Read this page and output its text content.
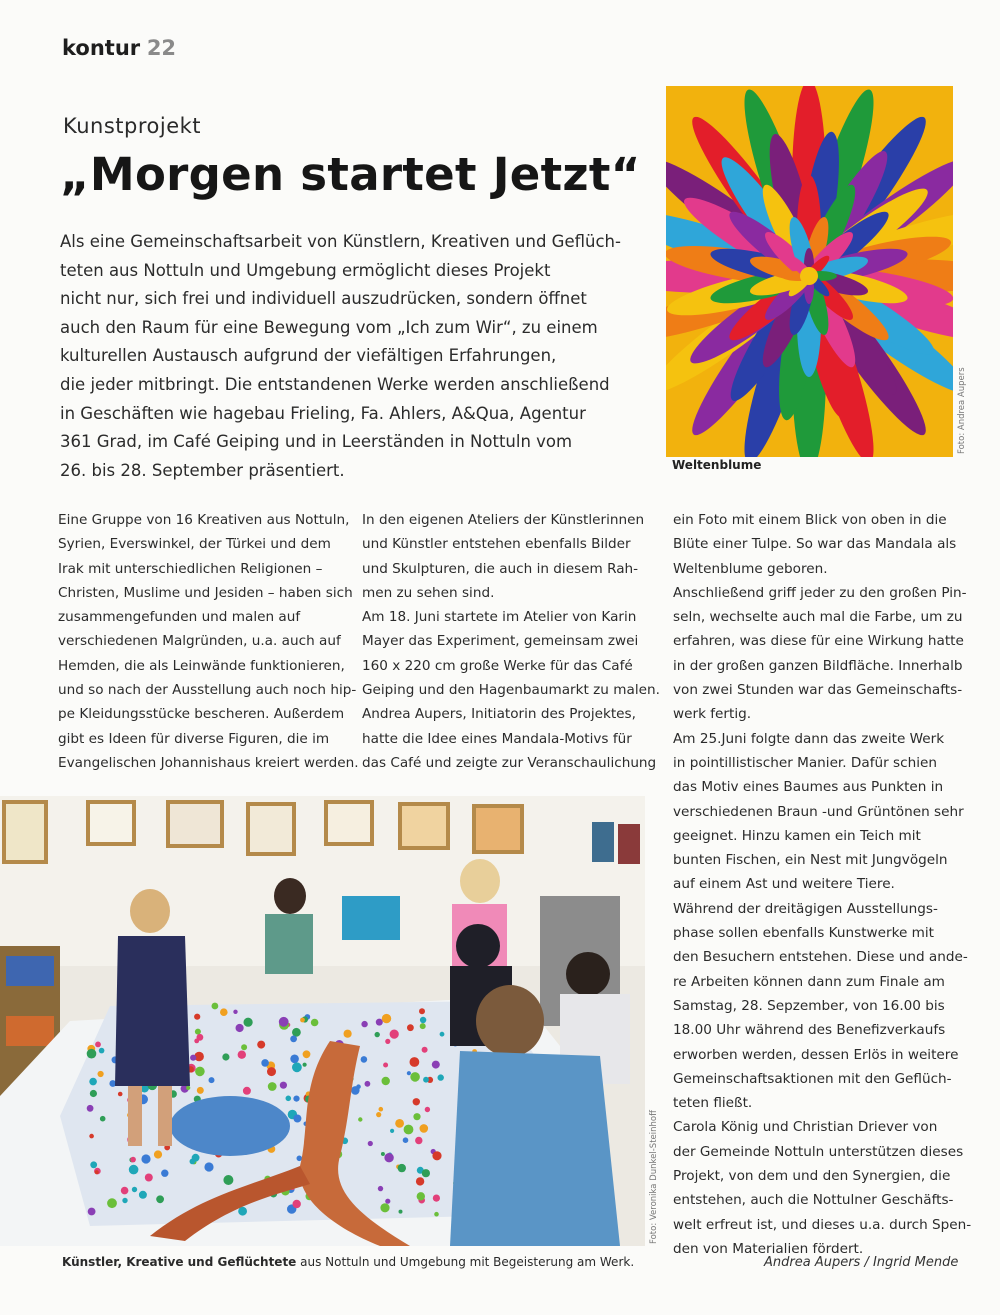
kontur 22
Kunstprojekt
„Morgen startet Jetzt“
Als eine Gemeinschaftsarbeit von Künstlern, Kreativen und Geflüch-
teten aus Nottuln und Umgebung ermöglicht dieses Projekt
nicht nur, sich frei und individuell auszudrücken, sondern öffnet
auch den Raum für eine Bewegung vom „Ich zum Wir“, zu einem
kulturellen Austausch aufgrund der viefältigen Erfahrungen,
die jeder mitbringt. Die entstandenen Werke werden anschließend
in Geschäften wie hagebau Frieling, Fa. Ahlers, A&Qua, Agentur
361 Grad, im Café Geiping und in Leerständen in Nottuln vom
26. bis 28. September präsentiert.
Eine Gruppe von 16 Kreativen aus Nottuln,
Syrien, Everswinkel, der Türkei und dem
Irak mit unterschiedlichen Religionen –
Christen, Muslime und Jesiden – haben sich
zusammengefunden und malen auf
verschiedenen Malgründen, u.a. auch auf
Hemden, die als Leinwände funktionieren,
und so nach der Ausstellung auch noch hip-
pe Kleidungsstücke bescheren. Außerdem
gibt es Ideen für diverse Figuren, die im
Evangelischen Johannishaus kreiert werden.
In den eigenen Ateliers der Künstlerinnen
und Künstler entstehen ebenfalls Bilder
und Skulpturen, die auch in diesem Rah-
men zu sehen sind.
Am 18. Juni startete im Atelier von Karin
Mayer das Experiment, gemeinsam zwei
160 x 220 cm große Werke für das Café
Geiping und den Hagenbaumarkt zu malen.
Andrea Aupers, Initiatorin des Projektes,
hatte die Idee eines Mandala-Motivs für
das Café und zeigte zur Veranschaulichung
ein Foto mit einem Blick von oben in die
Blüte einer Tulpe. So war das Mandala als
Weltenblume geboren.
Anschließend griff jeder zu den großen Pin-
seln, wechselte auch mal die Farbe, um zu
erfahren, was diese für eine Wirkung hatte
in der großen ganzen Bildfläche. Innerhalb
von zwei Stunden war das Gemeinschafts-
werk fertig.
Am 25.Juni folgte dann das zweite Werk
in pointillistischer Manier. Dafür schien
das Motiv eines Baumes aus Punkten in
verschiedenen Braun -und Grüntönen sehr
geeignet. Hinzu kamen ein Teich mit
bunten Fischen, ein Nest mit Jungvögeln
auf einem Ast und weitere Tiere.
Während der dreitägigen Ausstellungs-
phase sollen ebenfalls Kunstwerke mit
den Besuchern entstehen. Diese und ande-
re Arbeiten können dann zum Finale am
Samstag, 28. Sepzember, von 16.00 bis
18.00 Uhr während des Benefizverkaufs
erworben werden, dessen Erlös in weitere
Gemeinschaftsaktionen mit den Geflüch-
teten fließt.
Carola König und Christian Driever von
der Gemeinde Nottuln unterstützen dieses
Projekt, von dem und den Synergien, die
entstehen, auch die Nottulner Geschäfts-
welt erfreut ist, und dieses u.a. durch Spen-
den von Materialien fördert.
Foto: Andrea Aupers
Weltenblume
Foto: Veronika Dunkel-Steinhoff
Künstler, Kreative und Geflüchtete aus Nottuln und Umgebung mit Begeisterung am Werk.	Andrea Aupers / Ingrid Mende
